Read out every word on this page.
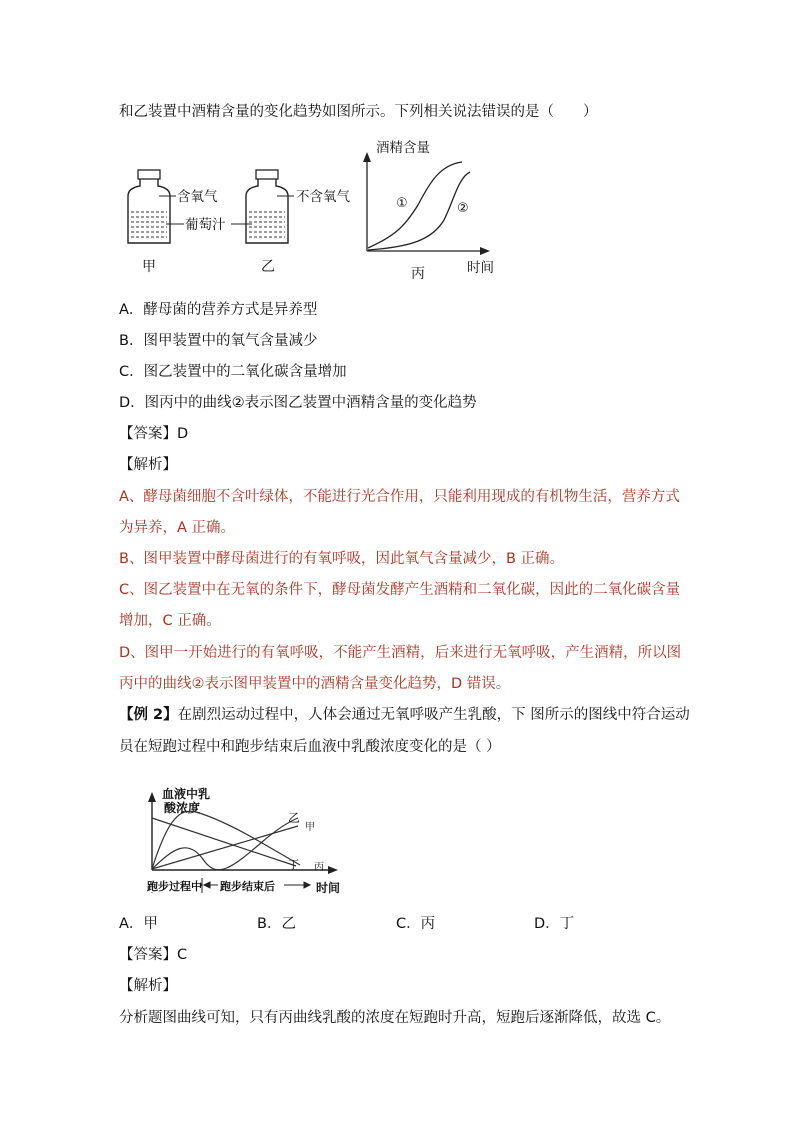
和乙装置中酒精含量的变化趋势如图所示。下列相关说法错误的是（　　）
含氧气
葡萄汁
甲
不含氧气
乙
酒精含量
①	②
时间
丙
A．酵母菌的营养方式是异养型
B．图甲装置中的氧气含量减少
C．图乙装置中的二氧化碳含量增加
D．图丙中的曲线②表示图乙装置中酒精含量的变化趋势
【答案】D
【解析】
A、酵母菌细胞不含叶绿体，不能进行光合作用，只能利用现成的有机物生活，营养方式
为异养，A 正确。
B、图甲装置中酵母菌进行的有氧呼吸，因此氧气含量减少，B 正确。
C、图乙装置中在无氧的条件下，酵母菌发酵产生酒精和二氧化碳，因此的二氧化碳含量
增加，C 正确。
D、图甲一开始进行的有氧呼吸，不能产生酒精，后来进行无氧呼吸，产生酒精，所以图
丙中的曲线②表示图甲装置中的酒精含量变化趋势，D 错误。
【例 2】在剧烈运动过程中，人体会通过无氧呼吸产生乳酸，下 图所示的图线中符合运动
员在短跑过程中和跑步结束后血液中乳酸浓度变化的是（ ）
血液中乳
酸浓度
乙
甲
丁 丙
跑步过程中 跑步结束后	时间
A．甲	B．乙	C．丙	D．丁
【答案】C
【解析】
分析题图曲线可知，只有丙曲线乳酸的浓度在短跑时升高，短跑后逐渐降低，故选 C。
